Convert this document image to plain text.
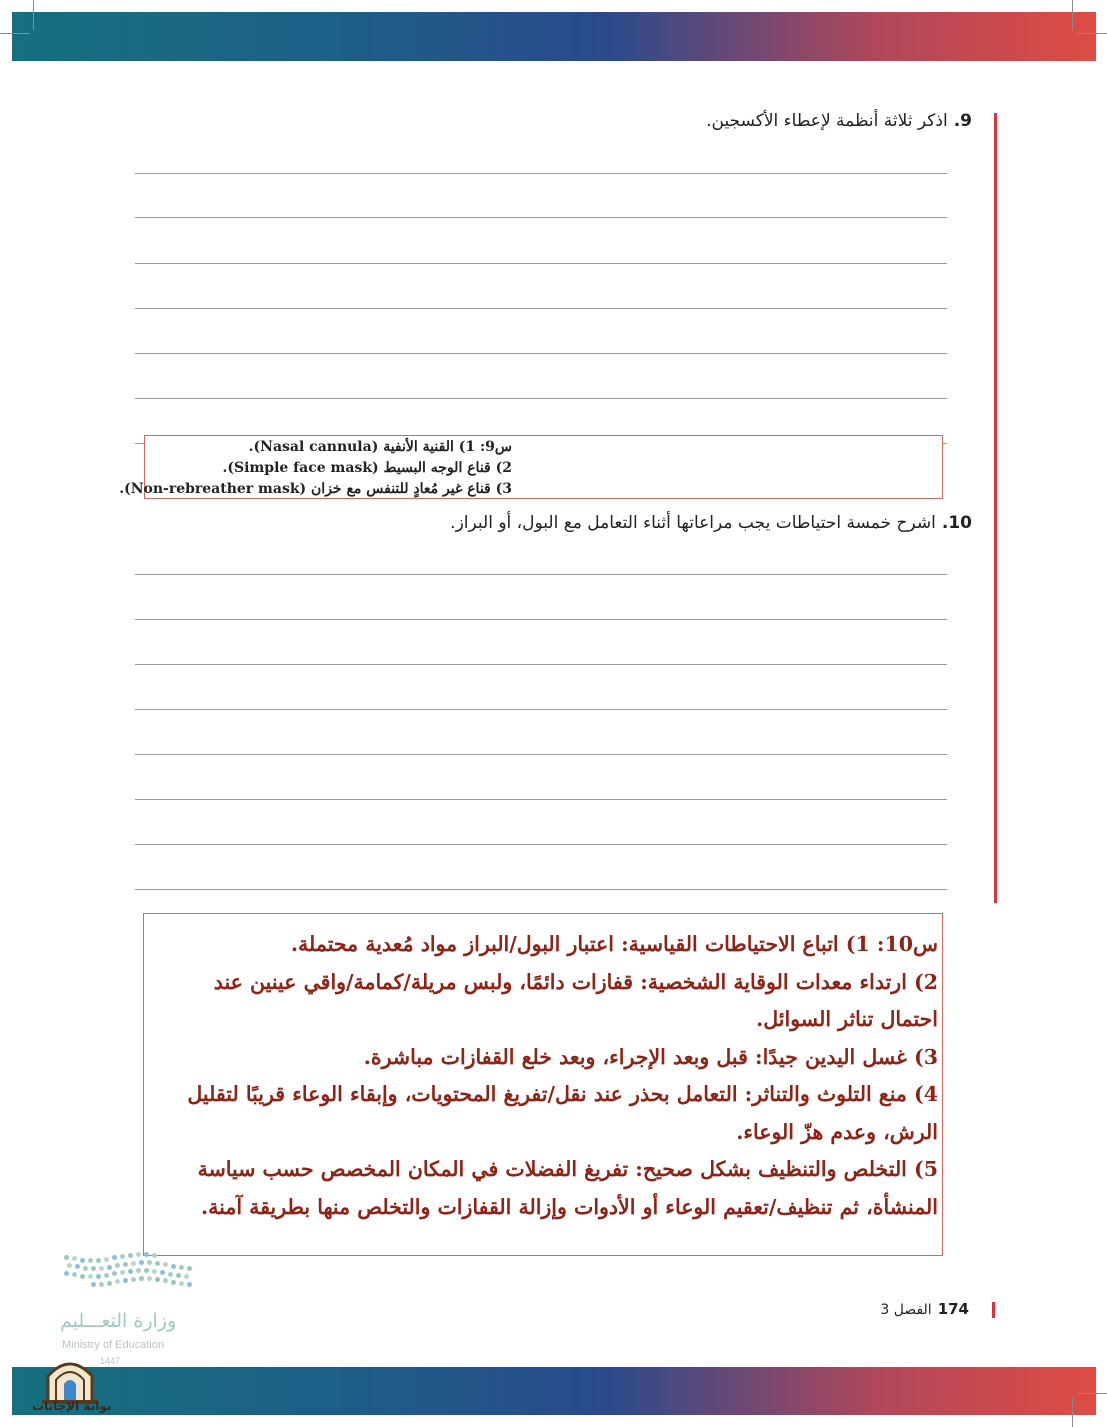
9.اذكر ثلاثة أنظمة لإعطاء الأكسجين.
س9: 1) القنية الأنفية (Nasal cannula).
2) قناع الوجه البسيط (Simple face mask).
3) قناع غير مُعادٍ للتنفس مع خزان (Non-rebreather mask).
10.اشرح خمسة احتياطات يجب مراعاتها أثناء التعامل مع البول، أو البراز.
س10: 1) اتباع الاحتياطات القياسية: اعتبار البول/البراز مواد مُعدية محتملة.
2) ارتداء معدات الوقاية الشخصية: قفازات دائمًا، ولبس مريلة/كمامة/واقي عينين عند احتمال تناثر السوائل.
3) غسل اليدين جيدًا: قبل وبعد الإجراء، وبعد خلع القفازات مباشرة.
4) منع التلوث والتناثر: التعامل بحذر عند نقل/تفريغ المحتويات، وإبقاء الوعاء قريبًا لتقليل الرش، وعدم هزّ الوعاء.
5) التخلص والتنظيف بشكل صحيح: تفريغ الفضلات في المكان المخصص حسب سياسة المنشأة، ثم تنظيف/تعقيم الوعاء أو الأدوات وإزالة القفازات والتخلص منها بطريقة آمنة.
174الفصل 3
وزارة التعـــليم
Ministry of Education
1447
بوابة الإجابات
